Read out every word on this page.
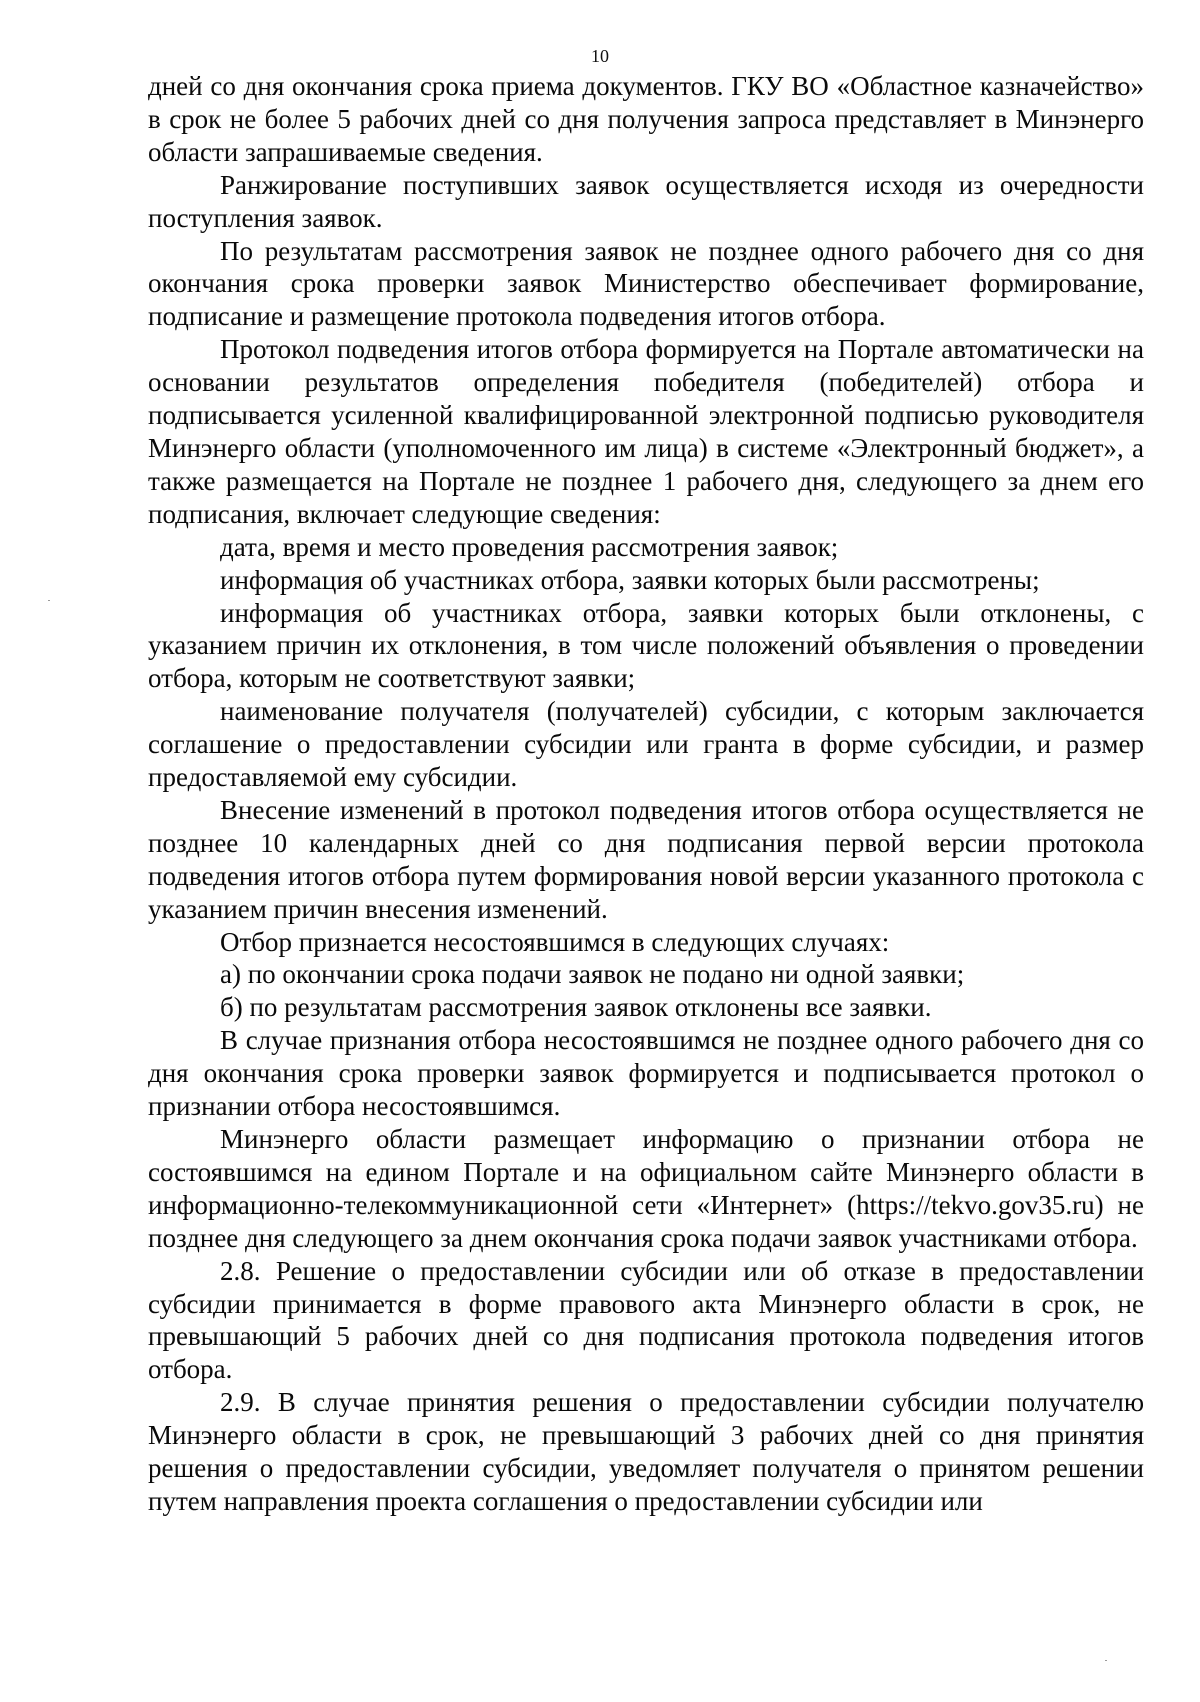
10

дней со дня окончания срока приема документов. ГКУ ВО «Областное казначейство» в срок не более 5 рабочих дней со дня получения запроса представляет в Минэнерго области запрашиваемые сведения.

Ранжирование поступивших заявок осуществляется исходя из очередности поступления заявок.

По результатам рассмотрения заявок не позднее одного рабочего дня со дня окончания срока проверки заявок Министерство обеспечивает формирование, подписание и размещение протокола подведения итогов отбора.

Протокол подведения итогов отбора формируется на Портале автоматически на основании результатов определения победителя (победителей) отбора и подписывается усиленной квалифицированной электронной подписью руководителя Минэнерго области (уполномоченного им лица) в системе «Электронный бюджет», а также размещается на Портале не позднее 1 рабочего дня, следующего за днем его подписания, включает следующие сведения:

дата, время и место проведения рассмотрения заявок;

информация об участниках отбора, заявки которых были рассмотрены;

информация об участниках отбора, заявки которых были отклонены, с указанием причин их отклонения, в том числе положений объявления о проведении отбора, которым не соответствуют заявки;

наименование получателя (получателей) субсидии, с которым заключается соглашение о предоставлении субсидии или гранта в форме субсидии, и размер предоставляемой ему субсидии.

Внесение изменений в протокол подведения итогов отбора осуществляется не позднее 10 календарных дней со дня подписания первой версии протокола подведения итогов отбора путем формирования новой версии указанного протокола с указанием причин внесения изменений.

Отбор признается несостоявшимся в следующих случаях:

а) по окончании срока подачи заявок не подано ни одной заявки;

б) по результатам рассмотрения заявок отклонены все заявки.

В случае признания отбора несостоявшимся не позднее одного рабочего дня со дня окончания срока проверки заявок формируется и подписывается протокол о признании отбора несостоявшимся.

Минэнерго области размещает информацию о признании отбора не состоявшимся на едином Портале и на официальном сайте Минэнерго области в информационно-телекоммуникационной сети «Интернет» (https://tekvo.gov35.ru) не позднее дня следующего за днем окончания срока подачи заявок участниками отбора.

2.8. Решение о предоставлении субсидии или об отказе в предоставлении субсидии принимается в форме правового акта Минэнерго области в срок, не превышающий 5 рабочих дней со дня подписания протокола подведения итогов отбора.

2.9. В случае принятия решения о предоставлении субсидии получателю Минэнерго области в срок, не превышающий 3 рабочих дней со дня принятия решения о предоставлении субсидии, уведомляет получателя о принятом решении путем направления проекта соглашения о предоставлении субсидии или
